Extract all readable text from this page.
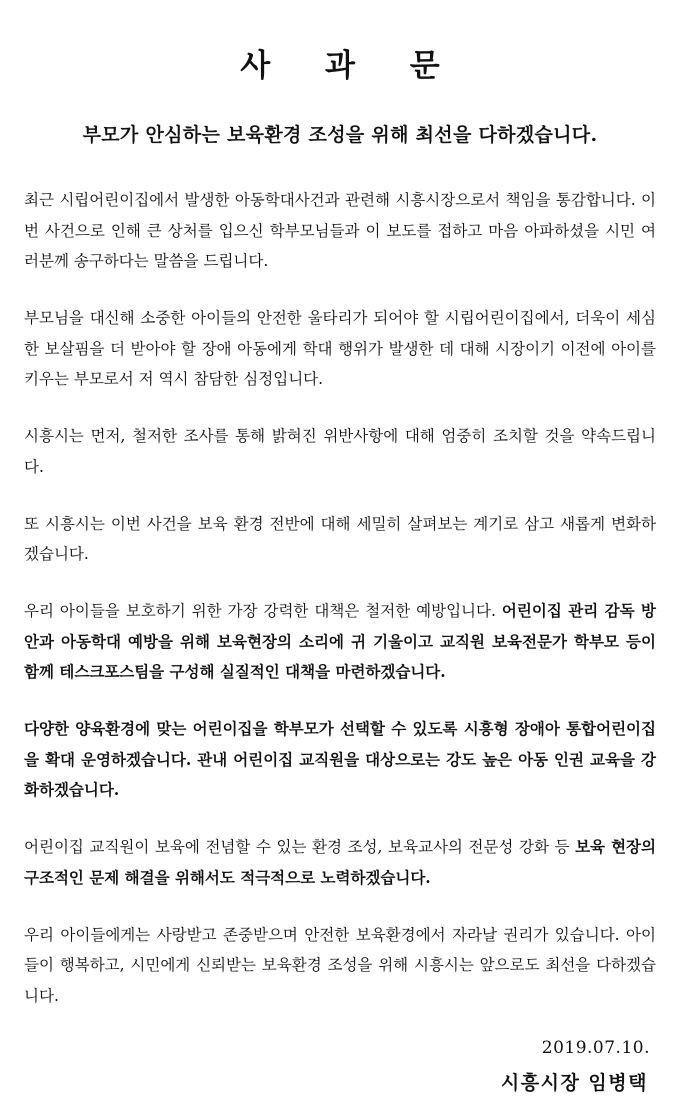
사 과 문
부모가 안심하는 보육환경 조성을 위해 최선을 다하겠습니다.

최근 시립어린이집에서 발생한 아동학대사건과 관련해 시흥시장으로서 책임을 통감합니다. 이번 사건으로 인해 큰 상처를 입으신 학부모님들과 이 보도를 접하고 마음 아파하셨을 시민 여러분께 송구하다는 말씀을 드립니다.

부모님을 대신해 소중한 아이들의 안전한 울타리가 되어야 할 시립어린이집에서, 더욱이 세심한 보살핌을 더 받아야 할 장애 아동에게 학대 행위가 발생한 데 대해 시장이기 이전에 아이를 키우는 부모로서 저 역시 참담한 심정입니다.

시흥시는 먼저, 철저한 조사를 통해 밝혀진 위반사항에 대해 엄중히 조치할 것을 약속드립니다.

또 시흥시는 이번 사건을 보육 환경 전반에 대해 세밀히 살펴보는 계기로 삼고 새롭게 변화하겠습니다.

우리 아이들을 보호하기 위한 가장 강력한 대책은 철저한 예방입니다. 어린이집 관리 감독 방안과 아동학대 예방을 위해 보육현장의 소리에 귀 기울이고 교직원 보육전문가 학부모 등이 함께 테스크포스팀을 구성해 실질적인 대책을 마련하겠습니다.

다양한 양육환경에 맞는 어린이집을 학부모가 선택할 수 있도록 시흥형 장애아 통합어린이집을 확대 운영하겠습니다. 관내 어린이집 교직원을 대상으로는 강도 높은 아동 인권 교육을 강화하겠습니다.

어린이집 교직원이 보육에 전념할 수 있는 환경 조성, 보육교사의 전문성 강화 등 보육 현장의 구조적인 문제 해결을 위해서도 적극적으로 노력하겠습니다.

우리 아이들에게는 사랑받고 존중받으며 안전한 보육환경에서 자라날 권리가 있습니다. 아이들이 행복하고, 시민에게 신뢰받는 보육환경 조성을 위해 시흥시는 앞으로도 최선을 다하겠습니다.

2019.07.10.
시흥시장 임병택
